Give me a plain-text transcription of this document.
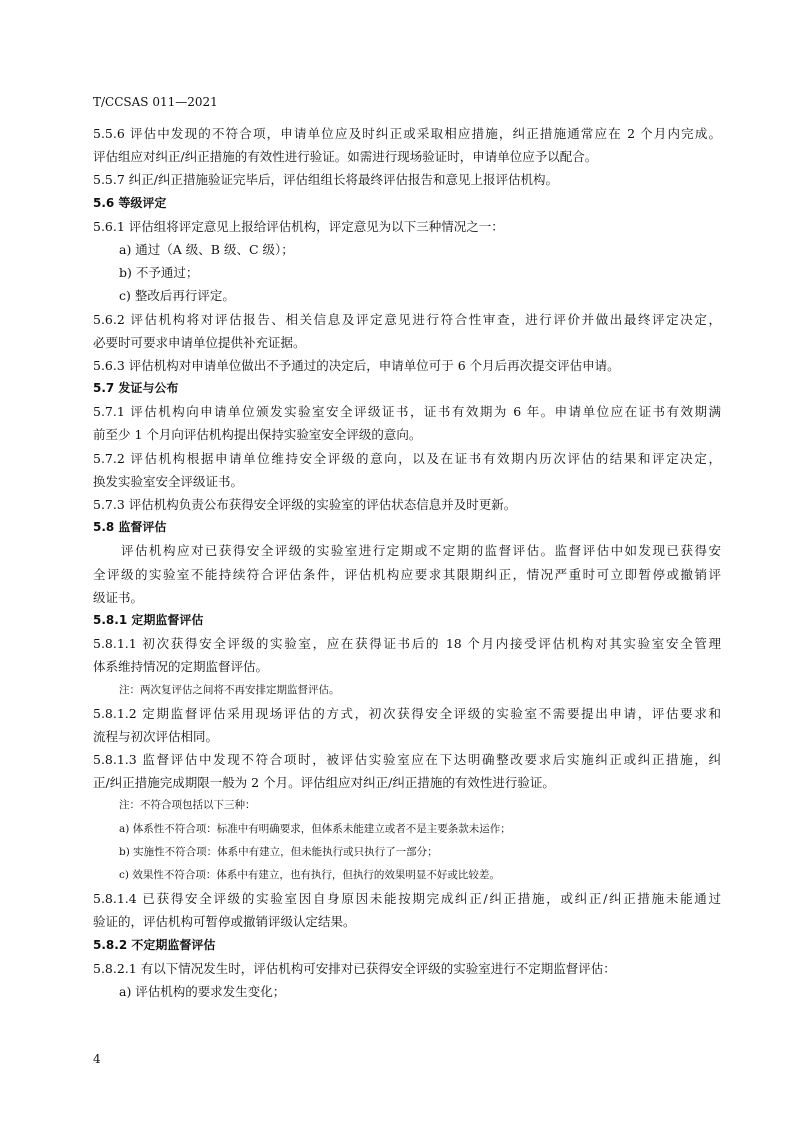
T/CCSAS 011—2021
5.5.6 评估中发现的不符合项，申请单位应及时纠正或采取相应措施，纠正措施通常应在 2 个月内完成。
评估组应对纠正/纠正措施的有效性进行验证。如需进行现场验证时，申请单位应予以配合。
5.5.7 纠正/纠正措施验证完毕后，评估组组长将最终评估报告和意见上报评估机构。
5.6 等级评定
5.6.1 评估组将评定意见上报给评估机构，评定意见为以下三种情况之一：
a) 通过（A 级、B 级、C 级）；
b) 不予通过；
c) 整改后再行评定。
5.6.2 评估机构将对评估报告、相关信息及评定意见进行符合性审查，进行评价并做出最终评定决定，
必要时可要求申请单位提供补充证据。
5.6.3 评估机构对申请单位做出不予通过的决定后，申请单位可于 6 个月后再次提交评估申请。
5.7 发证与公布
5.7.1 评估机构向申请单位颁发实验室安全评级证书，证书有效期为 6 年。申请单位应在证书有效期满
前至少 1 个月向评估机构提出保持实验室安全评级的意向。
5.7.2 评估机构根据申请单位维持安全评级的意向，以及在证书有效期内历次评估的结果和评定决定，
换发实验室安全评级证书。
5.7.3 评估机构负责公布获得安全评级的实验室的评估状态信息并及时更新。
5.8 监督评估
评估机构应对已获得安全评级的实验室进行定期或不定期的监督评估。监督评估中如发现已获得安
全评级的实验室不能持续符合评估条件，评估机构应要求其限期纠正，情况严重时可立即暂停或撤销评
级证书。
5.8.1 定期监督评估
5.8.1.1 初次获得安全评级的实验室，应在获得证书后的 18 个月内接受评估机构对其实验室安全管理
体系维持情况的定期监督评估。
注：两次复评估之间将不再安排定期监督评估。
5.8.1.2 定期监督评估采用现场评估的方式，初次获得安全评级的实验室不需要提出申请，评估要求和
流程与初次评估相同。
5.8.1.3 监督评估中发现不符合项时，被评估实验室应在下达明确整改要求后实施纠正或纠正措施，纠
正/纠正措施完成期限一般为 2 个月。评估组应对纠正/纠正措施的有效性进行验证。
注：不符合项包括以下三种：
a) 体系性不符合项：标准中有明确要求，但体系未能建立或者不是主要条款未运作；
b) 实施性不符合项：体系中有建立，但未能执行或只执行了一部分；
c) 效果性不符合项：体系中有建立，也有执行，但执行的效果明显不好或比较差。
5.8.1.4 已获得安全评级的实验室因自身原因未能按期完成纠正/纠正措施，或纠正/纠正措施未能通过
验证的，评估机构可暂停或撤销评级认定结果。
5.8.2 不定期监督评估
5.8.2.1 有以下情况发生时，评估机构可安排对已获得安全评级的实验室进行不定期监督评估：
a) 评估机构的要求发生变化；
4
